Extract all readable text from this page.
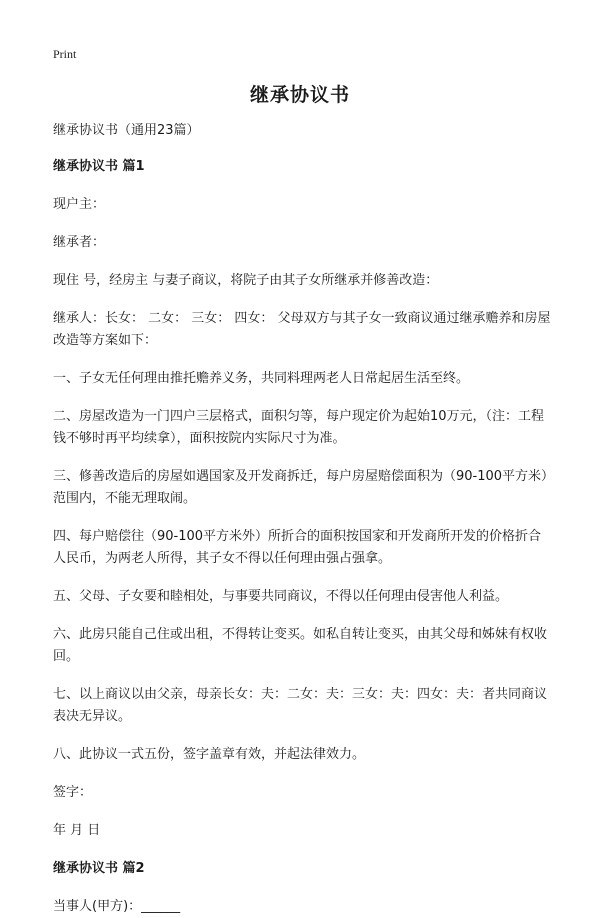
Print
继承协议书

继承协议书（通用23篇）

继承协议书 篇1

现户主：

继承者：

现住 号，经房主 与妻子商议，将院子由其子女所继承并修善改造：

继承人：长女： 二女： 三女： 四女： 父母双方与其子女一致商议通过继承赡养和房屋改造等方案如下：

一、子女无任何理由推托赡养义务，共同料理两老人日常起居生活至终。

二、房屋改造为一门四户三层格式，面积匀等，每户现定价为起始10万元，（注：工程钱不够时再平均续拿），面积按院内实际尺寸为准。

三、修善改造后的房屋如遇国家及开发商拆迁，每户房屋赔偿面积为（90-100平方米）范围内，不能无理取闹。

四、每户赔偿往（90-100平方米外）所折合的面积按国家和开发商所开发的价格折合人民币，为两老人所得，其子女不得以任何理由强占强拿。

五、父母、子女要和睦相处，与事要共同商议，不得以任何理由侵害他人利益。

六、此房只能自己住或出租，不得转让变买。如私自转让变买，由其父母和姊妹有权收回。

七、以上商议以由父亲，母亲长女：夫：二女：夫：三女：夫：四女：夫：者共同商议表决无异议。

八、此协议一式五份，签字盖章有效，并起法律效力。

签字：

年 月 日

继承协议书 篇2

当事人(甲方)：______
